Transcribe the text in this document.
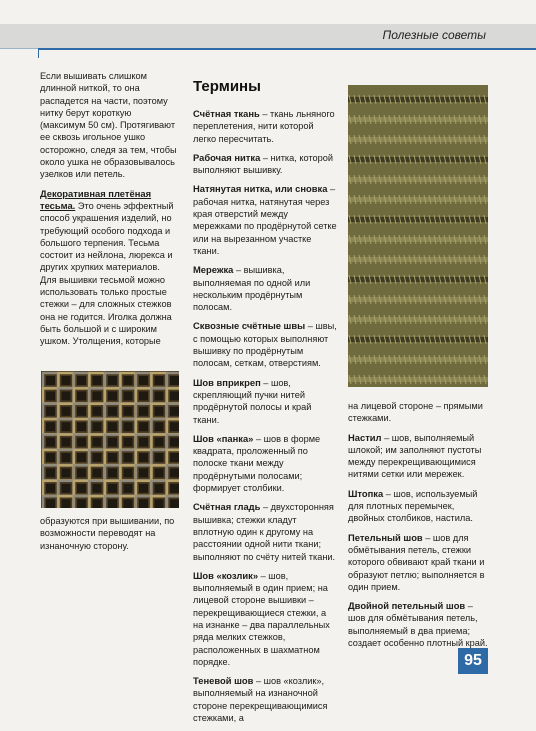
Полезные советы

Если вышивать слишком длинной ниткой, то она распадется на части, поэтому нитку берут короткую (максимум 50 см). Протягивают ее сквозь игольное ушко осторожно, следя за тем, чтобы около ушка не образовывалось узелков или петель.

Декоративная плетёная тесьма. Это очень эффектный способ украшения изделий, но требующий особого подхода и большого терпения. Тесьма состоит из нейлона, люрекса и других хрупких материалов. Для вышивки тесьмой можно использовать только простые стежки – для сложных стежков она не годится. Иголка должна быть большой и с широким ушком. Утолщения, которые

образуются при вышивании, по возможности переводят на изнаночную сторону.
Термины

Счётная ткань – ткань льняного переплетения, нити которой легко пересчитать.

Рабочая нитка – нитка, которой выполняют вышивку.

Натянутая нитка, или сновка – рабочая нитка, натянутая через края отверстий между мережками по продёрнутой сетке или на вырезанном участке ткани.

Мережка – вышивка, выполняемая по одной или нескольким продёрнутым полосам.

Сквозные счётные швы – швы, с помощью которых выполняют вышивку по продёрнутым полосам, сеткам, отверстиям.

Шов вприкреп – шов, скрепляющий пучки нитей продёрнутой полосы и край ткани.

Шов «панка» – шов в форме квадрата, проложенный по полоске ткани между продёрнутыми полосами; формирует столбики.

Счётная гладь – двухсторонняя вышивка; стежки кладут вплотную один к другому на расстоянии одной нити ткани; выполняют по счёту нитей ткани.

Шов «козлик» – шов, выполняемый в один прием; на лицевой стороне вышивки – перекрещивающиеся стежки, а на изнанке – два параллельных ряда мелких стежков, расположенных в шахматном порядке.

Теневой шов – шов «козлик», выполняемый на изнаночной стороне перекрещивающимися стежками, а

на лицевой стороне – прямыми стежками.

Настил – шов, выполняемый шлокой; им заполняют пустоты между перекрещивающимися нитями сетки или мережек.

Штопка – шов, используемый для плотных перемычек, двойных столбиков, настила.

Петельный шов – шов для обмётывания петель, стежки которого обвивают край ткани и образуют петлю; выполняется в один прием.

Двойной петельный шов – шов для обмётывания петель, выполняемый в два приема; создает особенно плотный край.

95
